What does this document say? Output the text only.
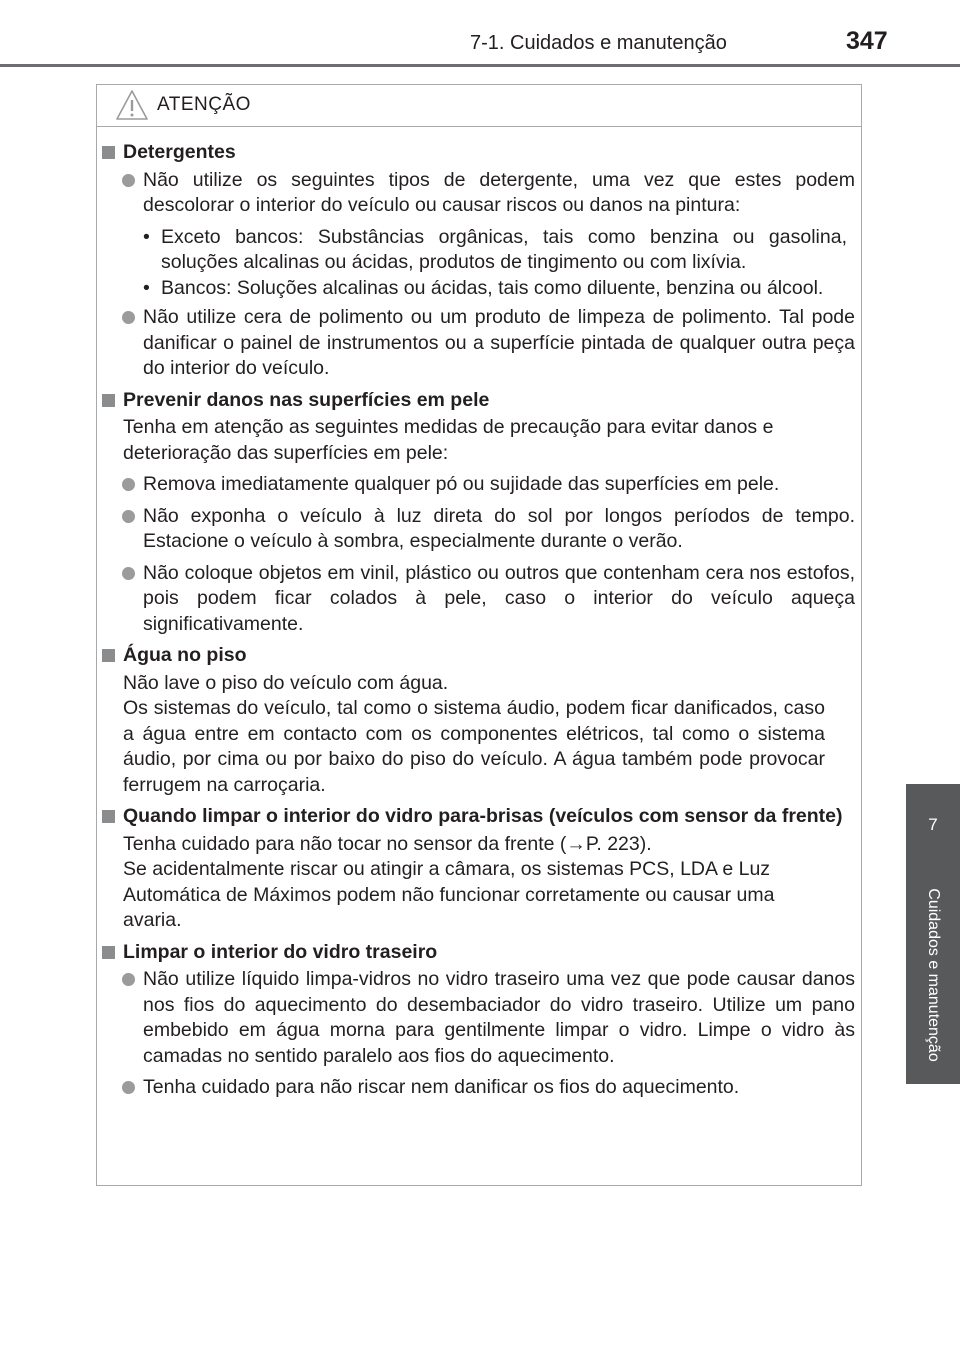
7-1. Cuidados e manutenção	347
7
Cuidados e manutenção
ATENÇÃO
Detergentes
Não utilize os seguintes tipos de detergente, uma vez que estes podem descolorar o interior do veículo ou causar riscos ou danos na pintura:
• Exceto bancos: Substâncias orgânicas, tais como benzina ou gasolina, soluções alcalinas ou ácidas, produtos de tingimento ou com lixívia.
• Bancos: Soluções alcalinas ou ácidas, tais como diluente, benzina ou álcool.
Não utilize cera de polimento ou um produto de limpeza de polimento. Tal pode danificar o painel de instrumentos ou a superfície pintada de qualquer outra peça do interior do veículo.
Prevenir danos nas superfícies em pele
Tenha em atenção as seguintes medidas de precaução para evitar danos e deterioração das superfícies em pele:
Remova imediatamente qualquer pó ou sujidade das superfícies em pele.
Não exponha o veículo à luz direta do sol por longos períodos de tempo. Estacione o veículo à sombra, especialmente durante o verão.
Não coloque objetos em vinil, plástico ou outros que contenham cera nos estofos, pois podem ficar colados à pele, caso o interior do veículo aqueça significativamente.
Água no piso
Não lave o piso do veículo com água.
Os sistemas do veículo, tal como o sistema áudio, podem ficar danificados, caso a água entre em contacto com os componentes elétricos, tal como o sistema áudio, por cima ou por baixo do piso do veículo. A água também pode provocar ferrugem na carroçaria.
Quando limpar o interior do vidro para-brisas (veículos com sensor da frente)
Tenha cuidado para não tocar no sensor da frente (→P. 223).
Se acidentalmente riscar ou atingir a câmara, os sistemas PCS, LDA e Luz Automática de Máximos podem não funcionar corretamente ou causar uma avaria.
Limpar o interior do vidro traseiro
Não utilize líquido limpa-vidros no vidro traseiro uma vez que pode causar danos nos fios do aquecimento do desembaciador do vidro traseiro. Utilize um pano embebido em água morna para gentilmente limpar o vidro. Limpe o vidro às camadas no sentido paralelo aos fios do aquecimento.
Tenha cuidado para não riscar nem danificar os fios do aquecimento.
